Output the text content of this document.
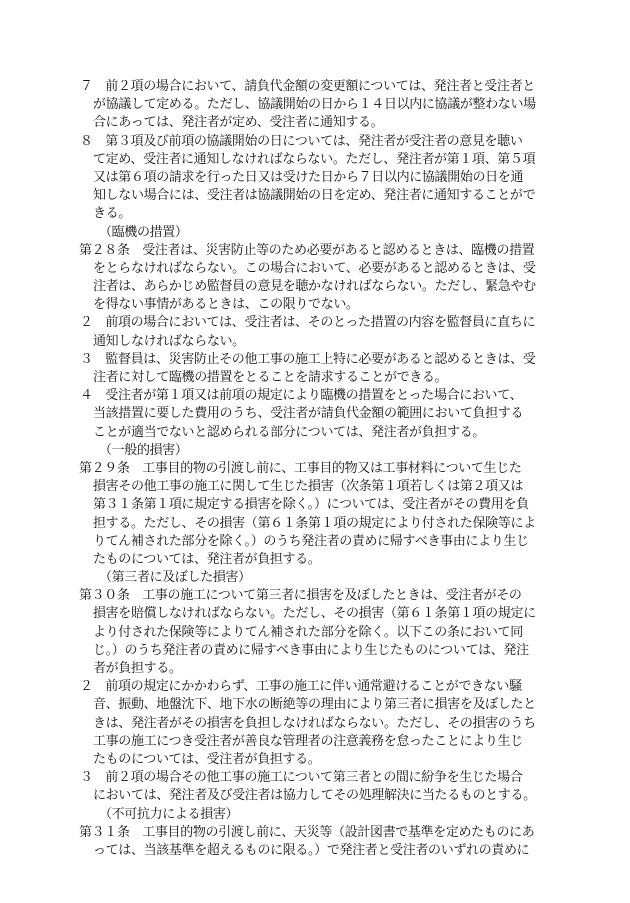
７　前２項の場合において、請負代金額の変更額については、発注者と受注者と
が協議して定める。ただし、協議開始の日から１４日以内に協議が整わない場
合にあっては、発注者が定め、受注者に通知する。
８　第３項及び前項の協議開始の日については、発注者が受注者の意見を聴い
て定め、受注者に通知しなければならない。ただし、発注者が第１項、第５項
又は第６項の請求を行った日又は受けた日から７日以内に協議開始の日を通
知しない場合には、受注者は協議開始の日を定め、発注者に通知することがで
きる。
（臨機の措置）
第２８条　受注者は、災害防止等のため必要があると認めるときは、臨機の措置
をとらなければならない。この場合において、必要があると認めるときは、受
注者は、あらかじめ監督員の意見を聴かなければならない。ただし、緊急やむ
を得ない事情があるときは、この限りでない。
２　前項の場合においては、受注者は、そのとった措置の内容を監督員に直ちに
通知しなければならない。
３　監督員は、災害防止その他工事の施工上特に必要があると認めるときは、受
注者に対して臨機の措置をとることを請求することができる。
４　受注者が第１項又は前項の規定により臨機の措置をとった場合において、
当該措置に要した費用のうち、受注者が請負代金額の範囲において負担する
ことが適当でないと認められる部分については、発注者が負担する。
（一般的損害）
第２９条　工事目的物の引渡し前に、工事目的物又は工事材料について生じた
損害その他工事の施工に関して生じた損害（次条第１項若しくは第２項又は
第３１条第１項に規定する損害を除く。）については、受注者がその費用を負
担する。ただし、その損害（第６１条第１項の規定により付された保険等によ
りてん補された部分を除く。）のうち発注者の責めに帰すべき事由により生じ
たものについては、発注者が負担する。
（第三者に及ぼした損害）
第３０条　工事の施工について第三者に損害を及ぼしたときは、受注者がその
損害を賠償しなければならない。ただし、その損害（第６１条第１項の規定に
より付された保険等によりてん補された部分を除く。以下この条において同
じ。）のうち発注者の責めに帰すべき事由により生じたものについては、発注
者が負担する。
２　前項の規定にかかわらず、工事の施工に伴い通常避けることができない騒
音、振動、地盤沈下、地下水の断絶等の理由により第三者に損害を及ぼしたと
きは、発注者がその損害を負担しなければならない。ただし、その損害のうち
工事の施工につき受注者が善良な管理者の注意義務を怠ったことにより生じ
たものについては、受注者が負担する。
３　前２項の場合その他工事の施工について第三者との間に紛争を生じた場合
においては、発注者及び受注者は協力してその処理解決に当たるものとする。
（不可抗力による損害）
第３１条　工事目的物の引渡し前に、天災等（設計図書で基準を定めたものにあ
っては、当該基準を超えるものに限る。）で発注者と受注者のいずれの責めに
